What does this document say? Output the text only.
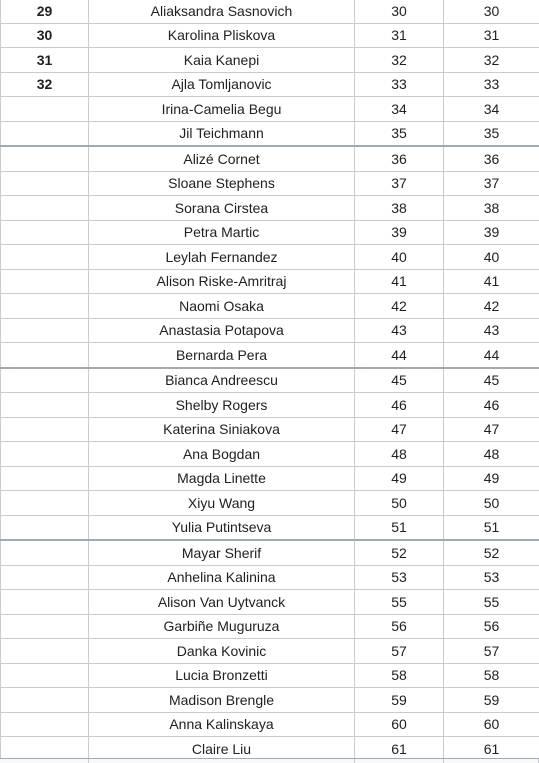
29	Aliaksandra Sasnovich	30	30
30	Karolina Pliskova	31	31
31	Kaia Kanepi	32	32
32	Ajla Tomljanovic	33	33
	Irina-Camelia Begu	34	34
	Jil Teichmann	35	35
	Alizé Cornet	36	36
	Sloane Stephens	37	37
	Sorana Cirstea	38	38
	Petra Martic	39	39
	Leylah Fernandez	40	40
	Alison Riske-Amritraj	41	41
	Naomi Osaka	42	42
	Anastasia Potapova	43	43
	Bernarda Pera	44	44
	Bianca Andreescu	45	45
	Shelby Rogers	46	46
	Katerina Siniakova	47	47
	Ana Bogdan	48	48
	Magda Linette	49	49
	Xiyu Wang	50	50
	Yulia Putintseva	51	51
	Mayar Sherif	52	52
	Anhelina Kalinina	53	53
	Alison Van Uytvanck	55	55
	Garbiñe Muguruza	56	56
	Danka Kovinic	57	57
	Lucia Bronzetti	58	58
	Madison Brengle	59	59
	Anna Kalinskaya	60	60
	Claire Liu	61	61
